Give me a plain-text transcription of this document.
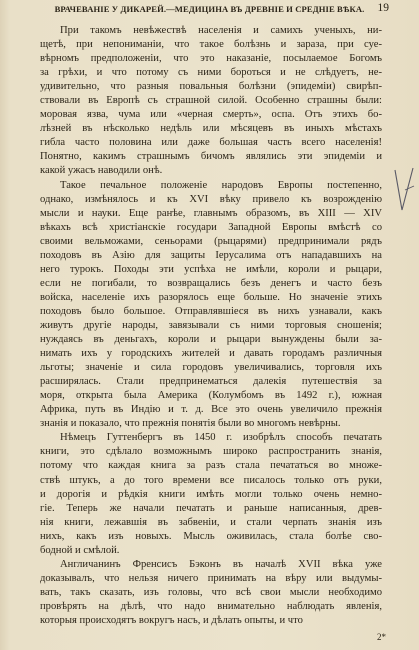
ВРАЧЕВАНІЕ У ДИКАРЕЙ.—МЕДИЦИНА ВЪ ДРЕВНІЕ И СРЕДНІЕ ВѢКА.	19
При такомъ невѣжествѣ населенія и самихъ ученыхъ, ни-
щетѣ, при непониманіи, что такое болѣзнь и зараза, при суе-
вѣрномъ предположеніи, что это наказаніе, посылаемое Богомъ
за грѣхи, и что потому съ ними бороться и не слѣдуетъ, не-
удивительно, что разныя повальныя болѣзни (эпидеміи) свирѣп-
ствовали въ Европѣ съ страшной силой. Особенно страшны были:
моровая язва, чума или «черная смерть», оспа. Отъ этихъ бо-
лѣзней въ нѣсколько недѣль или мѣсяцевъ въ иныхъ мѣстахъ
гибла часто половина или даже большая часть всего населенія!
Понятно, какимъ страшнымъ бичомъ являлись эти эпидеміи и
какой ужасъ наводили онѣ.
Такое печальное положеніе народовъ Европы постепенно,
однако, измѣнялось и къ XVI вѣку привело къ возрожденію
мысли и науки. Еще ранѣе, главнымъ образомъ, въ XIII — XIV
вѣкахъ всѣ христіанскіе государи Западной Европы вмѣстѣ со
своими вельможами, сеньорами (рыцарями) предпринимали рядъ
походовъ въ Азію для защиты Іерусалима отъ нападавшихъ на
него турокъ. Походы эти успѣха не имѣли, короли и рыцари,
если не погибали, то возвращались безъ денегъ и часто безъ
войска, населеніе ихъ разорялось еще больше. Но значеніе этихъ
походовъ было большое. Отправлявшіеся въ нихъ узнавали, какъ
живутъ другіе народы, завязывали съ ними торговыя сношенія;
нуждаясь въ деньгахъ, короли и рыцари вынуждены были за-
нимать ихъ у городскихъ жителей и давать городамъ различныя
льготы; значеніе и сила городовъ увеличивались, торговля ихъ
расширялась. Стали предпринематься далекія путешествія за
моря, открыта была Америка (Колумбомъ въ 1492 г.), южная
Африка, путь въ Индію и т. д. Все это очень увеличило прежнія
знанія и показало, что прежнія понятія были во многомъ невѣрны.
Нѣмецъ Гуттенбергъ въ 1450 г. изобрѣлъ способъ печатать
книги, это сдѣлало возможнымъ широко распространить знанія,
потому что каждая книга за разъ стала печататься во множе-
ствѣ штукъ, а до того времени все писалось только отъ руки,
и дорогія и рѣдкія книги имѣть могли только очень немно-
гіе. Теперь же начали печатать и раньше написанныя, древ-
нія книги, лежавшія въ забвеніи, и стали черпать знанія изъ
нихъ, какъ изъ новыхъ. Мысль оживилась, стала болѣе сво-
бодной и смѣлой.
Англичанинъ Френсисъ Бэконъ въ началѣ XVII вѣка уже
доказывалъ, что нельзя ничего принимать на вѣру или выдумы-
вать, такъ сказать, изъ головы, что всѣ свои мысли необходимо
провѣрять на дѣлѣ, что надо внимательно наблюдать явленія,
которыя происходятъ вокругъ насъ, и дѣлать опыты, и что
2*
